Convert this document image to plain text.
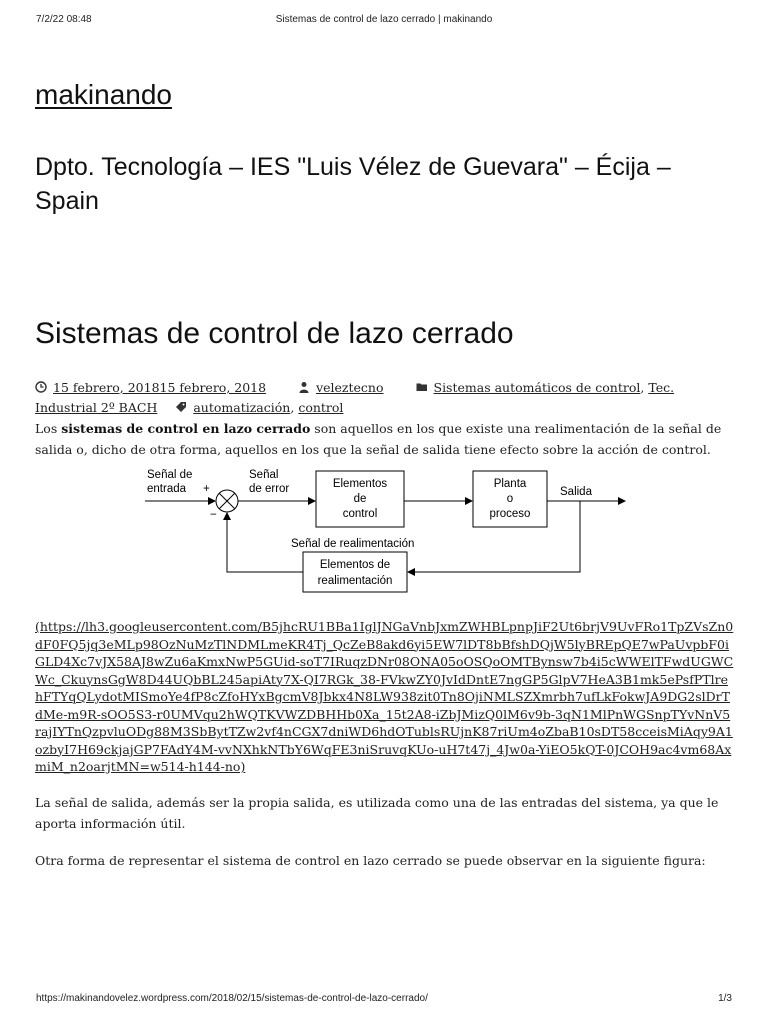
7/2/22 08:48	Sistemas de control de lazo cerrado | makinando
makinando

Dpto. Tecnología – IES "Luis Vélez de Guevara" – Écija – Spain

Sistemas de control de lazo cerrado
15 febrero, 201815 febrero, 2018	veleztecno	Sistemas automáticos de control, Tec. Industrial 2º BACH	automatización, control

Los sistemas de control en lazo cerrado son aquellos en los que existe una realimentación de la señal de salida o, dicho de otra forma, aquellos en los que la señal de salida tiene efecto sobre la acción de control.

Señal de
entrada +
−
Señal
de error	Salida
Señal de realimentación
Elementos
de
control
Planta
o
proceso
Elementos de
realimentación
(https://lh3.googleusercontent.com/B5jhcRU1BBa1IglJNGaVnbJxmZWHBLpnpJiF2Ut6brjV9UvFRo1TpZVsZn0dF0FQ5jq3eMLp98OzNuMzTlNDMLmeKR4Tj_QcZeB8akd6yi5EW7lDT8bBfshDQjW5lyBREpQE7wPaUvpbF0iGLD4Xc7vJX58AJ8wZu6aKmxNwP5GUid-soT7IRuqzDNr08ONA05oOSQoOMTBynsw7b4i5cWWElTFwdUGWCWc_CkuynsGgW8D44UQbBL245apiAty7X-QI7RGk_38-FVkwZY0JvIdDntE7ngGP5GlpV7HeA3B1mk5ePsfPTlrehFTYqQLydotMISmoYe4fP8cZfoHYxBgcmV8Jbkx4N8LW938zit0Tn8OjiNMLSZXmrbh7ufLkFokwJA9DG2slDrTdMe-m9R-sOO5S3-r0UMVqu2hWQTKVWZDBHHb0Xa_15t2A8-iZbJMizQ0lM6v9b-3qN1MlPnWGSnpTYvNnV5rajIYTnQzpvluODg88M3SbBytTZw2vf4nCGX7dniWD6hdOTublsRUjnK87riUm4oZbaB10sDT58cceisMiAqy9A1ozbyI7H69ckjajGP7FAdY4M-vvNXhkNTbY6WqFE3niSruvqKUo-uH7t47j_4Jw0a-YiEO5kQT-0JCOH9ac4vm68AxmiM_n2oarjtMN=w514-h144-no)

La señal de salida, además ser la propia salida, es utilizada como una de las entradas del sistema, ya que le aporta información útil.

Otra forma de representar el sistema de control en lazo cerrado se puede observar en la siguiente figura:

https://makinandovelez.wordpress.com/2018/02/15/sistemas-de-control-de-lazo-cerrado/	1/3
